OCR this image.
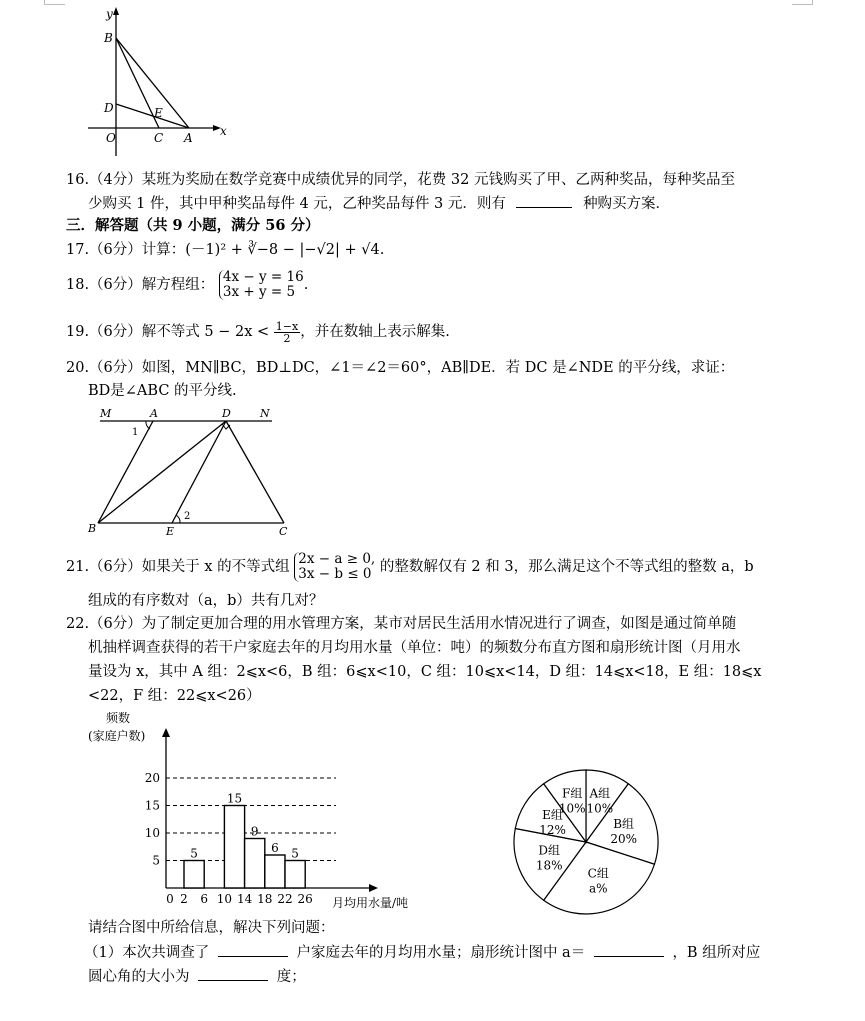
y
B
D	E
O	C A x
16.（4分）某班为奖励在数学竞赛中成绩优异的同学，花费 32 元钱购买了甲、乙两种奖品，每种奖品至
少购买 1 件，其中甲种奖品每件 4 元，乙种奖品每件 3 元．则有	种购买方案．
三．解答题（共 9 小题，满分 56 分）
17.（6分）计算：(－1)² + ∛−8 − |−√2| + √4.
18.（6分）解方程组： 4x − y = 16
3x + y = 5 .
19.（6分）解不等式 $5 - 2x < \frac{1-x}{2}$ ，并在数轴上表示解集.
20.（6分）如图，MN∥BC，BD⊥DC，∠1＝∠2＝60°，AB∥DE．若 DC 是∠NDE 的平分线，求证：
BD是∠ABC 的平分线.
M	A	D	N
1
2
B	E	C
21.（6分）如果关于 x 的不等式组 2x − a ≥ 0,
3x − b ≤ 0 的整数解仅有 2 和 3，那么满足这个不等式组的整数 a，b
组成的有序数对（a，b）共有几对？
22.（6分）为了制定更加合理的用水管理方案，某市对居民生活用水情况进行了调查，如图是通过简单随
机抽样调查获得的若干户家庭去年的月均用水量（单位：吨）的频数分布直方图和扇形统计图（月用水
量设为 x，其中 A 组：2⩽x<6，B 组：6⩽x<10，C 组：10⩽x<14，D 组：14⩽x<18，E 组：18⩽x
<22，F 组：22⩽x<26）
频数
(家庭户数)
月均用水量/吨
5
15
9
6 5
5
10
15
20
0 2 6 10 14 18 22 26
A组
10%
B组
20%
C组
a%
D组
18%
E组
12%
F组
10%
请结合图中所给信息，解决下列问题：
（1）本次共调查了	户家庭去年的月均用水量；扇形统计图中 a＝	，B 组所对应
圆心角的大小为	度；
